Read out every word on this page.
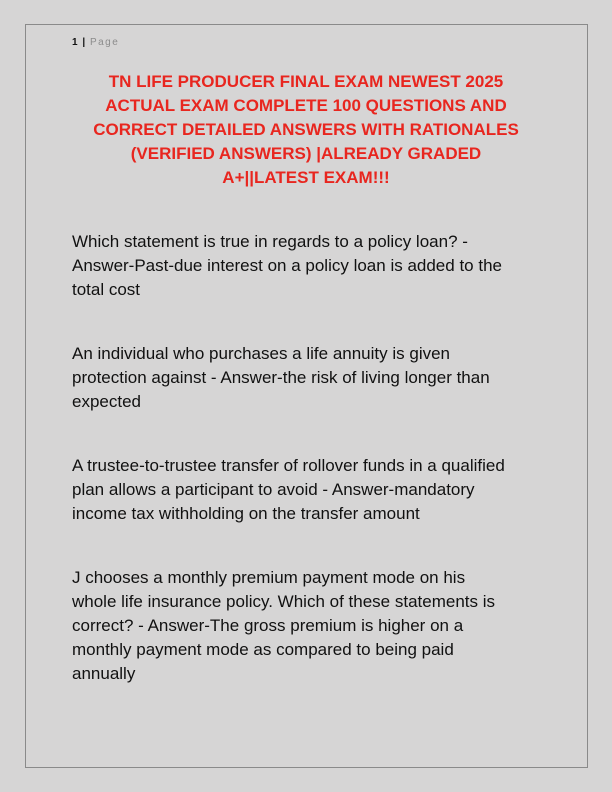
1 | Page
TN LIFE PRODUCER FINAL EXAM NEWEST 2025
ACTUAL EXAM COMPLETE 100 QUESTIONS AND
CORRECT DETAILED ANSWERS WITH RATIONALES
(VERIFIED ANSWERS) |ALREADY GRADED
A+||LATEST EXAM!!!

Which statement is true in regards to a policy loan? -
Answer-Past-due interest on a policy loan is added to the
total cost

An individual who purchases a life annuity is given
protection against - Answer-the risk of living longer than
expected

A trustee-to-trustee transfer of rollover funds in a qualified
plan allows a participant to avoid - Answer-mandatory
income tax withholding on the transfer amount

J chooses a monthly premium payment mode on his
whole life insurance policy. Which of these statements is
correct? - Answer-The gross premium is higher on a
monthly payment mode as compared to being paid
annually
